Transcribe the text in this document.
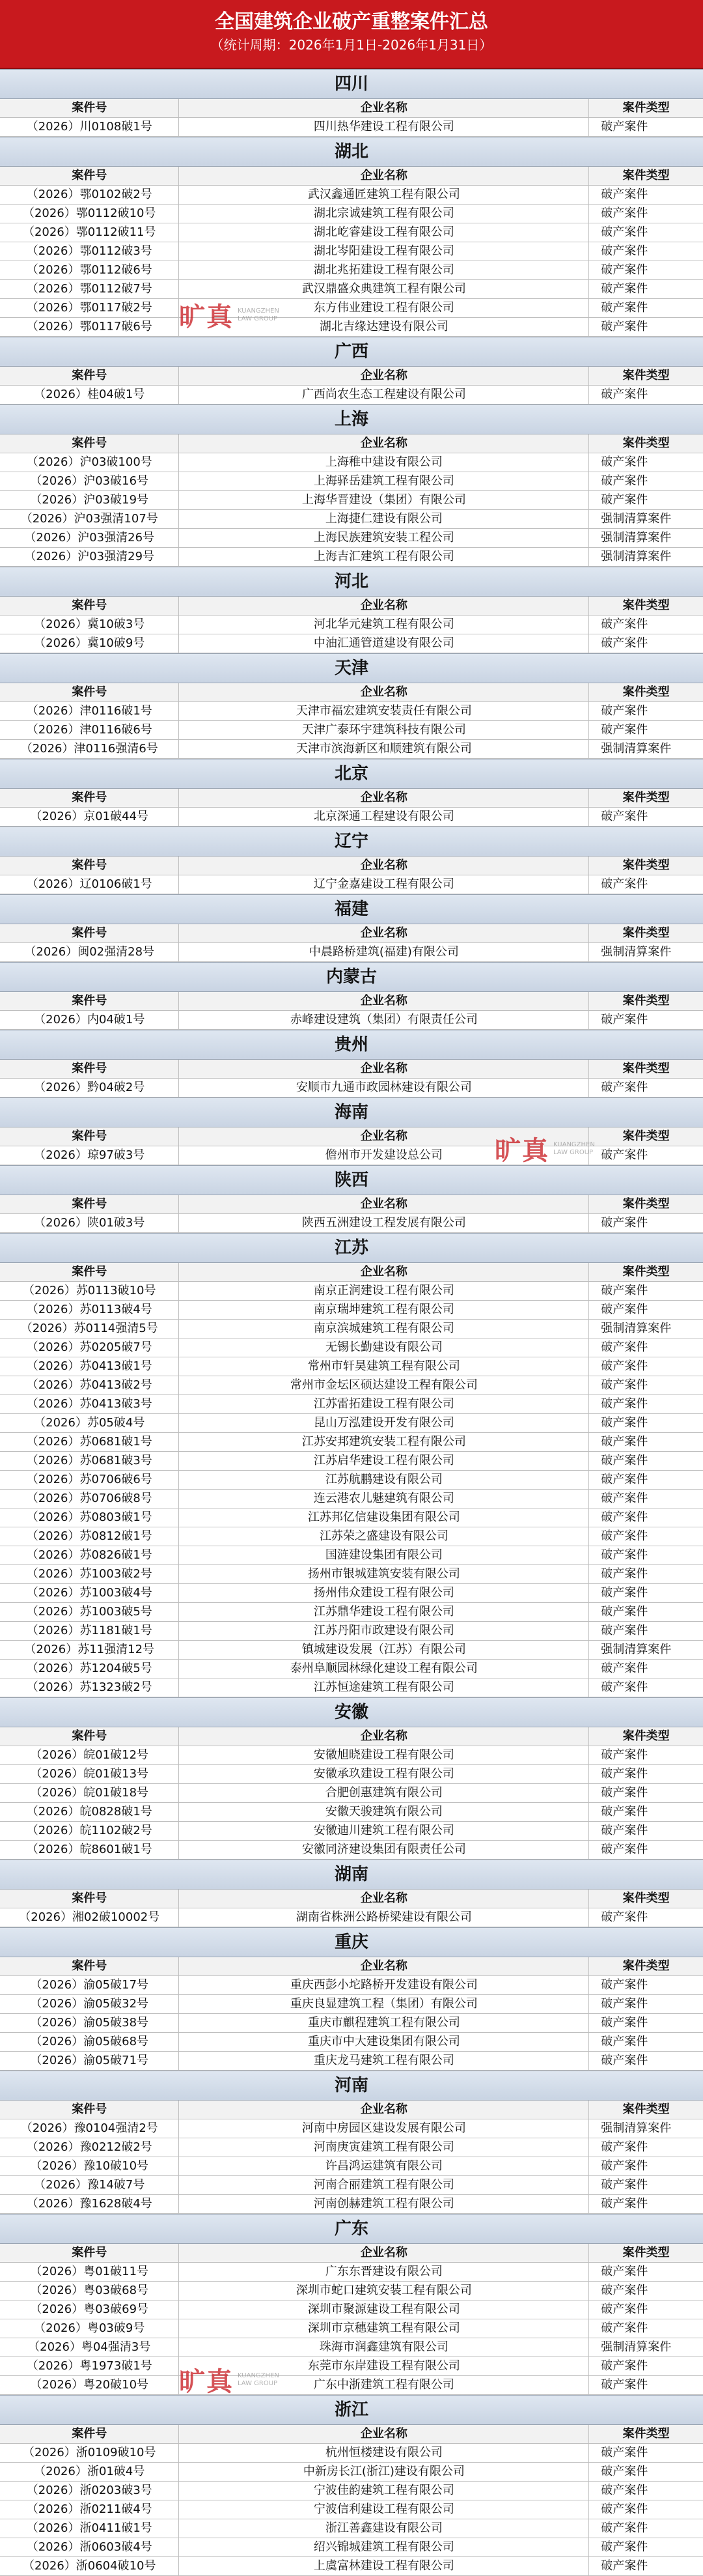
全国建筑企业破产重整案件汇总
（统计周期：2026年1月1日-2026年1月31日）
四川
案件号	企业名称	案件类型
（2026）川0108破1号	四川热华建设工程有限公司	破产案件
湖北
案件号	企业名称	案件类型
（2026）鄂0102破2号	武汉鑫通匠建筑工程有限公司	破产案件
（2026）鄂0112破10号	湖北宗诚建筑工程有限公司	破产案件
（2026）鄂0112破11号	湖北屹睿建设工程有限公司	破产案件
（2026）鄂0112破3号	湖北岑阳建设工程有限公司	破产案件
（2026）鄂0112破6号	湖北兆拓建设工程有限公司	破产案件
（2026）鄂0112破7号	武汉鼎盛众典建筑工程有限公司	破产案件
（2026）鄂0117破2号	东方伟业建设工程有限公司	破产案件
（2026）鄂0117破6号	湖北吉缘达建设有限公司	破产案件
广西
案件号	企业名称	案件类型
（2026）桂04破1号	广西尚农生态工程建设有限公司	破产案件
上海
案件号	企业名称	案件类型
（2026）沪03破100号	上海稚中建设有限公司	破产案件
（2026）沪03破16号	上海驿岳建筑工程有限公司	破产案件
（2026）沪03破19号	上海华晋建设（集团）有限公司	破产案件
（2026）沪03强清107号	上海捷仁建设有限公司	强制清算案件
（2026）沪03强清26号	上海民族建筑安装工程公司	强制清算案件
（2026）沪03强清29号	上海吉汇建筑工程有限公司	强制清算案件
河北
案件号	企业名称	案件类型
（2026）冀10破3号	河北华元建筑工程有限公司	破产案件
（2026）冀10破9号	中油汇通管道建设有限公司	破产案件
天津
案件号	企业名称	案件类型
（2026）津0116破1号	天津市福宏建筑安装责任有限公司	破产案件
（2026）津0116破6号	天津广泰环宇建筑科技有限公司	破产案件
（2026）津0116强清6号	天津市滨海新区和顺建筑有限公司	强制清算案件
北京
案件号	企业名称	案件类型
（2026）京01破44号	北京深通工程建设有限公司	破产案件
辽宁
案件号	企业名称	案件类型
（2026）辽0106破1号	辽宁金嘉建设工程有限公司	破产案件
福建
案件号	企业名称	案件类型
（2026）闽02强清28号	中晨路桥建筑(福建)有限公司	强制清算案件
内蒙古
案件号	企业名称	案件类型
（2026）内04破1号	赤峰建设建筑（集团）有限责任公司	破产案件
贵州
案件号	企业名称	案件类型
（2026）黔04破2号	安顺市九通市政园林建设有限公司	破产案件
海南
案件号	企业名称	案件类型
（2026）琼97破3号	儋州市开发建设总公司	破产案件
陕西
案件号	企业名称	案件类型
（2026）陕01破3号	陕西五洲建设工程发展有限公司	破产案件
江苏
案件号	企业名称	案件类型
（2026）苏0113破10号	南京正润建设工程有限公司	破产案件
（2026）苏0113破4号	南京瑞坤建筑工程有限公司	破产案件
（2026）苏0114强清5号	南京滨城建筑工程有限公司	强制清算案件
（2026）苏0205破7号	无锡长勤建设有限公司	破产案件
（2026）苏0413破1号	常州市轩昊建筑工程有限公司	破产案件
（2026）苏0413破2号	常州市金坛区硕达建设工程有限公司	破产案件
（2026）苏0413破3号	江苏雷拓建设工程有限公司	破产案件
（2026）苏05破4号	昆山万泓建设开发有限公司	破产案件
（2026）苏0681破1号	江苏安邦建筑安装工程有限公司	破产案件
（2026）苏0681破3号	江苏启华建设工程有限公司	破产案件
（2026）苏0706破6号	江苏航鹏建设有限公司	破产案件
（2026）苏0706破8号	连云港农儿魅建筑有限公司	破产案件
（2026）苏0803破1号	江苏邦亿信建设集团有限公司	破产案件
（2026）苏0812破1号	江苏荣之盛建设有限公司	破产案件
（2026）苏0826破1号	国涟建设集团有限公司	破产案件
（2026）苏1003破2号	扬州市银城建筑安装有限公司	破产案件
（2026）苏1003破4号	扬州伟众建设工程有限公司	破产案件
（2026）苏1003破5号	江苏鼎华建设工程有限公司	破产案件
（2026）苏1181破1号	江苏丹阳市政建设有限公司	破产案件
（2026）苏11强清12号	镇城建设发展（江苏）有限公司	强制清算案件
（2026）苏1204破5号	泰州阜顺园林绿化建设工程有限公司	破产案件
（2026）苏1323破2号	江苏恒途建筑工程有限公司	破产案件
安徽
案件号	企业名称	案件类型
（2026）皖01破12号	安徽旭晓建设工程有限公司	破产案件
（2026）皖01破13号	安徽承玖建设工程有限公司	破产案件
（2026）皖01破18号	合肥创惠建筑有限公司	破产案件
（2026）皖0828破1号	安徽天骏建筑有限公司	破产案件
（2026）皖1102破2号	安徽迪川建筑工程有限公司	破产案件
（2026）皖8601破1号	安徽同济建设集团有限责任公司	破产案件
湖南
案件号	企业名称	案件类型
（2026）湘02破10002号	湖南省株洲公路桥梁建设有限公司	破产案件
重庆
案件号	企业名称	案件类型
（2026）渝05破17号	重庆西彭小坨路桥开发建设有限公司	破产案件
（2026）渝05破32号	重庆良显建筑工程（集团）有限公司	破产案件
（2026）渝05破38号	重庆市麒程建筑工程有限公司	破产案件
（2026）渝05破68号	重庆市中大建设集团有限公司	破产案件
（2026）渝05破71号	重庆龙马建筑工程有限公司	破产案件
河南
案件号	企业名称	案件类型
（2026）豫0104强清2号	河南中房园区建设发展有限公司	强制清算案件
（2026）豫0212破2号	河南庚寅建筑工程有限公司	破产案件
（2026）豫10破10号	许昌鸿运建筑有限公司	破产案件
（2026）豫14破7号	河南合丽建筑工程有限公司	破产案件
（2026）豫1628破4号	河南创赫建筑工程有限公司	破产案件
广东
案件号	企业名称	案件类型
（2026）粤01破11号	广东东晋建设有限公司	破产案件
（2026）粤03破68号	深圳市蛇口建筑安装工程有限公司	破产案件
（2026）粤03破69号	深圳市聚源建设工程有限公司	破产案件
（2026）粤03破9号	深圳市京穗建筑工程有限公司	破产案件
（2026）粤04强清3号	珠海市润鑫建筑有限公司	强制清算案件
（2026）粤1973破1号	东莞市东岸建设工程有限公司	破产案件
（2026）粤20破10号	广东中浙建筑工程有限公司	破产案件
浙江
案件号	企业名称	案件类型
（2026）浙0109破10号	杭州恒楼建设有限公司	破产案件
（2026）浙01破4号	中新房长江(浙江)建设有限公司	破产案件
（2026）浙0203破3号	宁波佳韵建筑工程有限公司	破产案件
（2026）浙0211破4号	宁波信利建设工程有限公司	破产案件
（2026）浙0411破1号	浙江善鑫建设有限公司	破产案件
（2026）浙0603破4号	绍兴锦城建筑工程有限公司	破产案件
（2026）浙0604破10号	上虞富林建设工程有限公司	破产案件
旷真 KUANGZHEN
LAW GROUP
旷真 KUANGZHEN
LAW GROUP
旷真 KUANGZHEN
LAW GROUP
